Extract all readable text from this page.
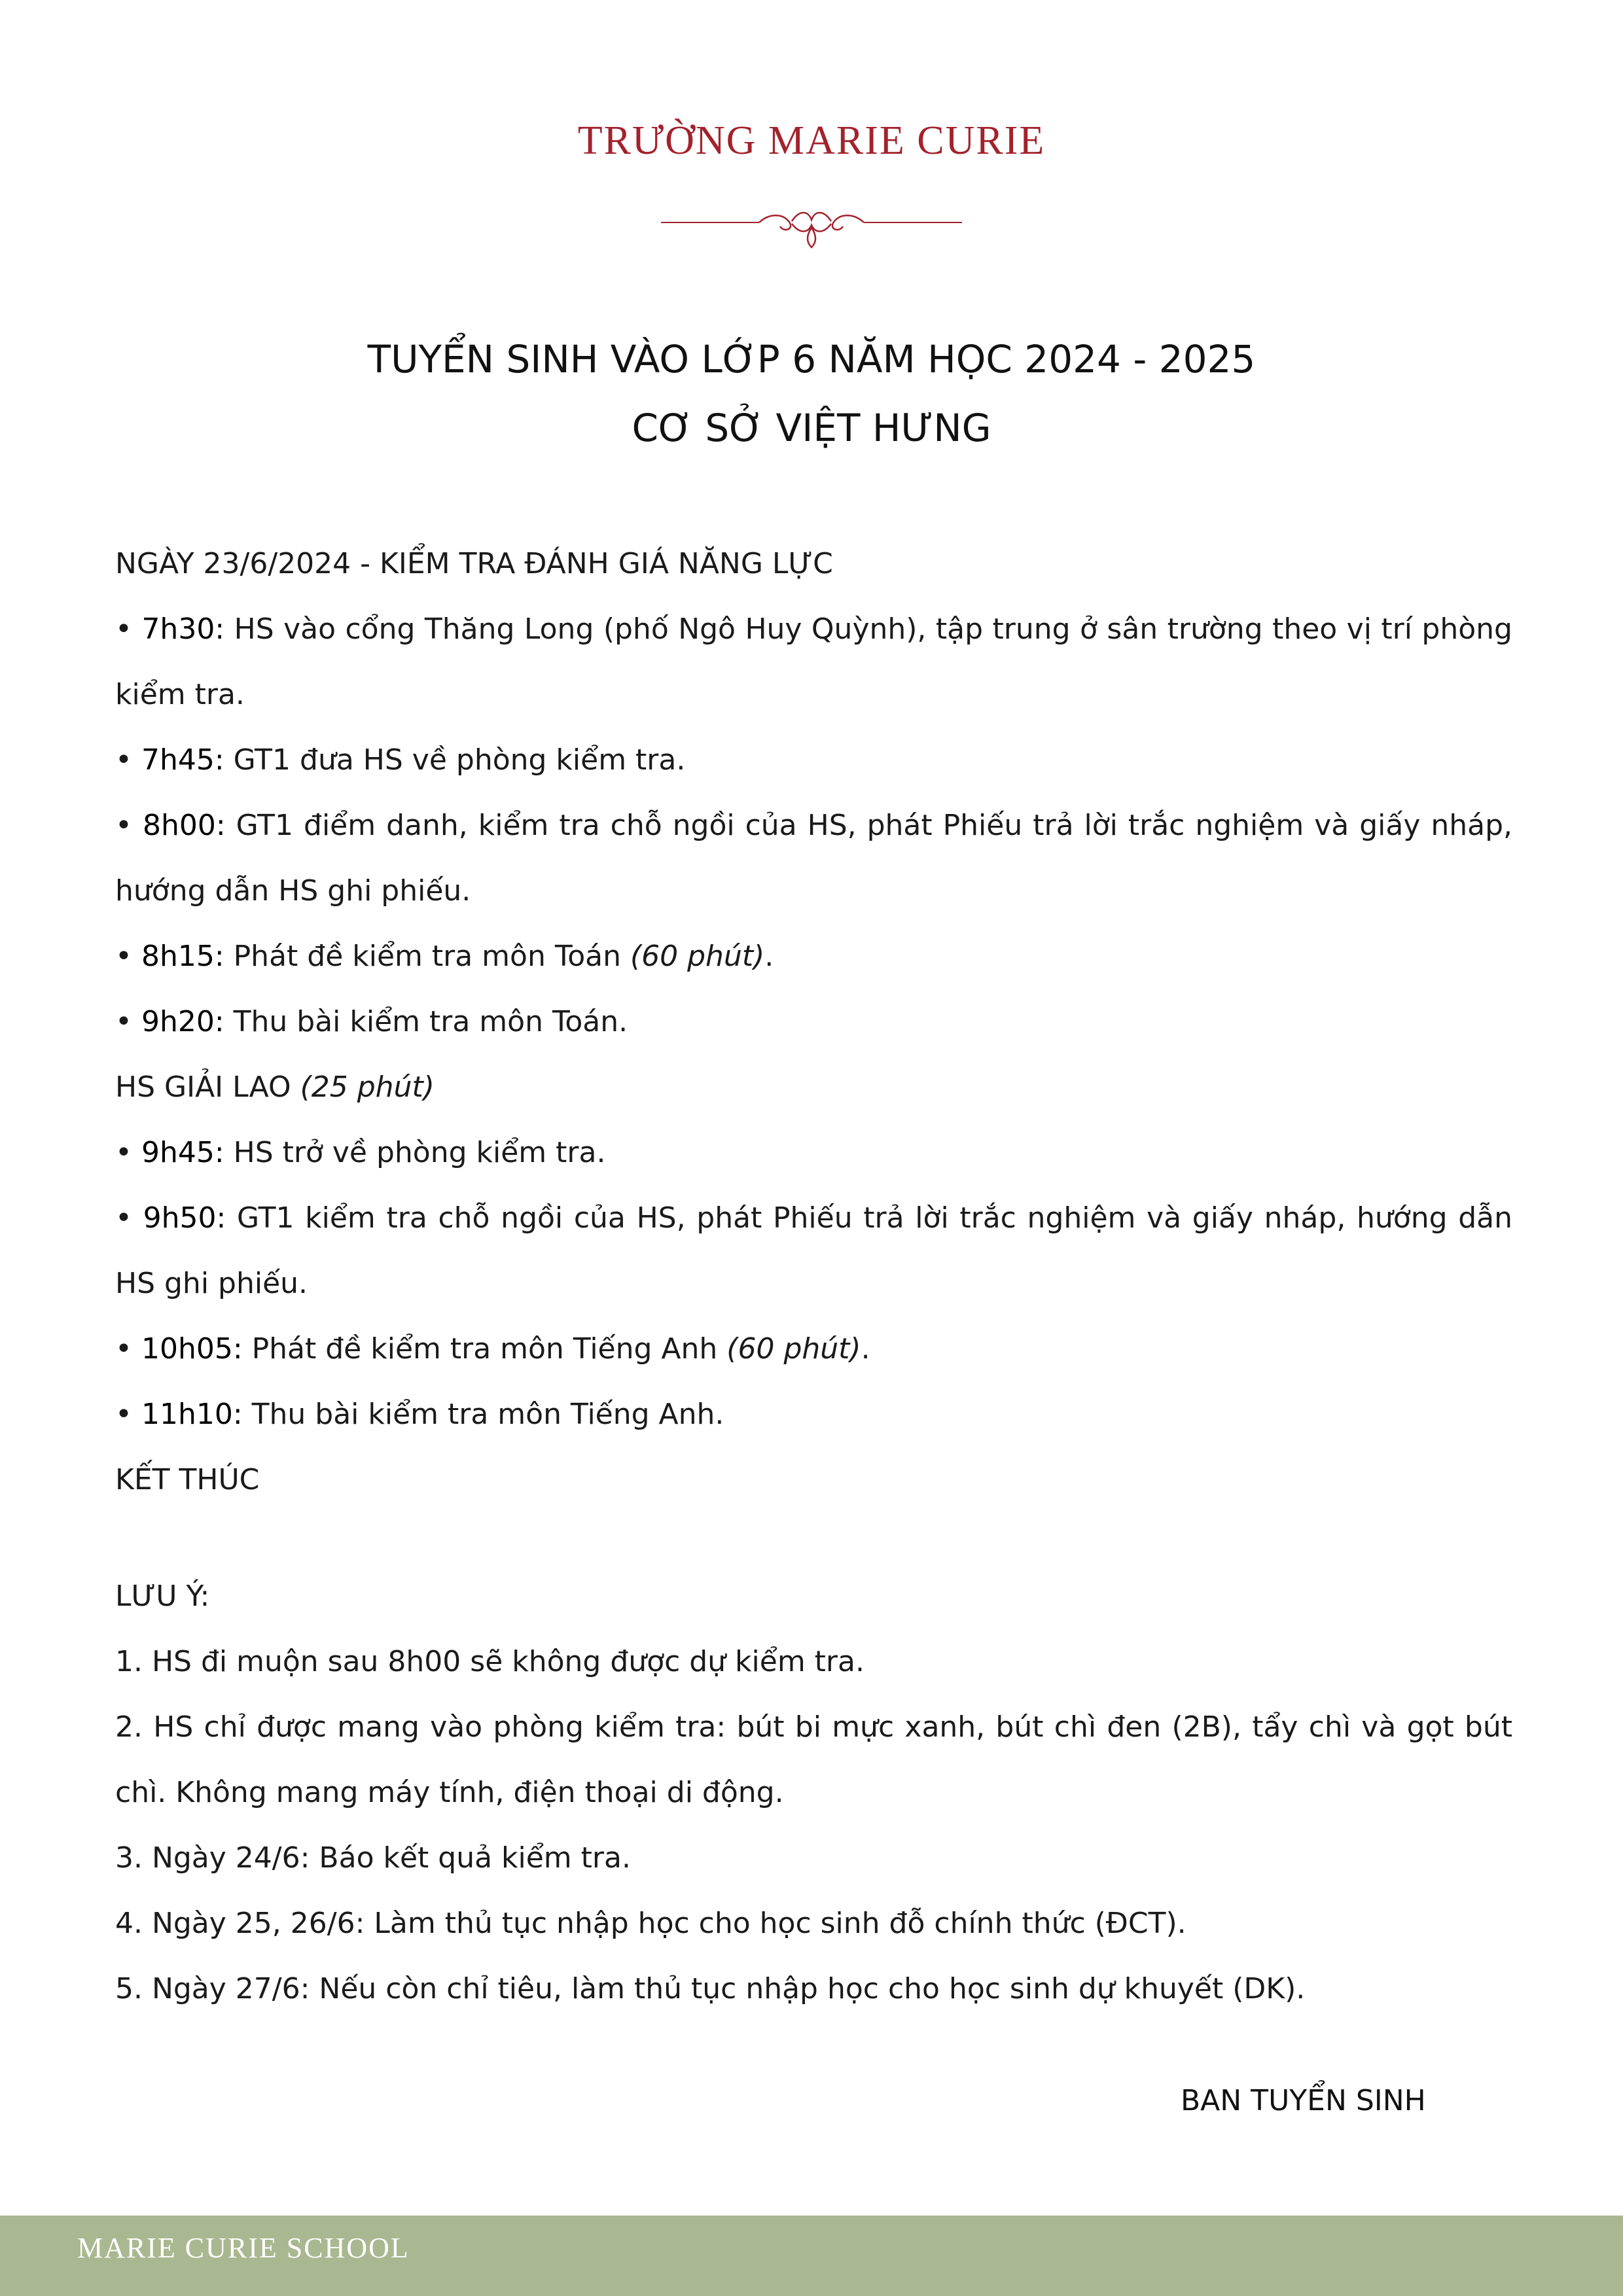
TRƯỜNG MARIE CURIE
TUYỂN SINH VÀO LỚP 6 NĂM HỌC 2024 - 2025
CƠ SỞ VIỆT HƯNG

NGÀY 23/6/2024 - KIỂM TRA ĐÁNH GIÁ NĂNG LỰC

• 7h30: HS vào cổng Thăng Long (phố Ngô Huy Quỳnh), tập trung ở sân trường theo vị trí phòng kiểm tra.

• 7h45: GT1 đưa HS về phòng kiểm tra.

• 8h00: GT1 điểm danh, kiểm tra chỗ ngồi của HS, phát Phiếu trả lời trắc nghiệm và giấy nháp, hướng dẫn HS ghi phiếu.

• 8h15: Phát đề kiểm tra môn Toán (60 phút).

• 9h20: Thu bài kiểm tra môn Toán.

HS GIẢI LAO (25 phút)

• 9h45: HS trở về phòng kiểm tra.

• 9h50: GT1 kiểm tra chỗ ngồi của HS, phát Phiếu trả lời trắc nghiệm và giấy nháp, hướng dẫn HS ghi phiếu.

• 10h05: Phát đề kiểm tra môn Tiếng Anh (60 phút).

• 11h10: Thu bài kiểm tra môn Tiếng Anh.

KẾT THÚC

LƯU Ý:

1. HS đi muộn sau 8h00 sẽ không được dự kiểm tra.

2. HS chỉ được mang vào phòng kiểm tra: bút bi mực xanh, bút chì đen (2B), tẩy chì và gọt bút chì. Không mang máy tính, điện thoại di động.

3. Ngày 24/6: Báo kết quả kiểm tra.

4. Ngày 25, 26/6: Làm thủ tục nhập học cho học sinh đỗ chính thức (ĐCT).

5. Ngày 27/6: Nếu còn chỉ tiêu, làm thủ tục nhập học cho học sinh dự khuyết (DK).

BAN TUYỂN SINH
MARIE CURIE SCHOOL
